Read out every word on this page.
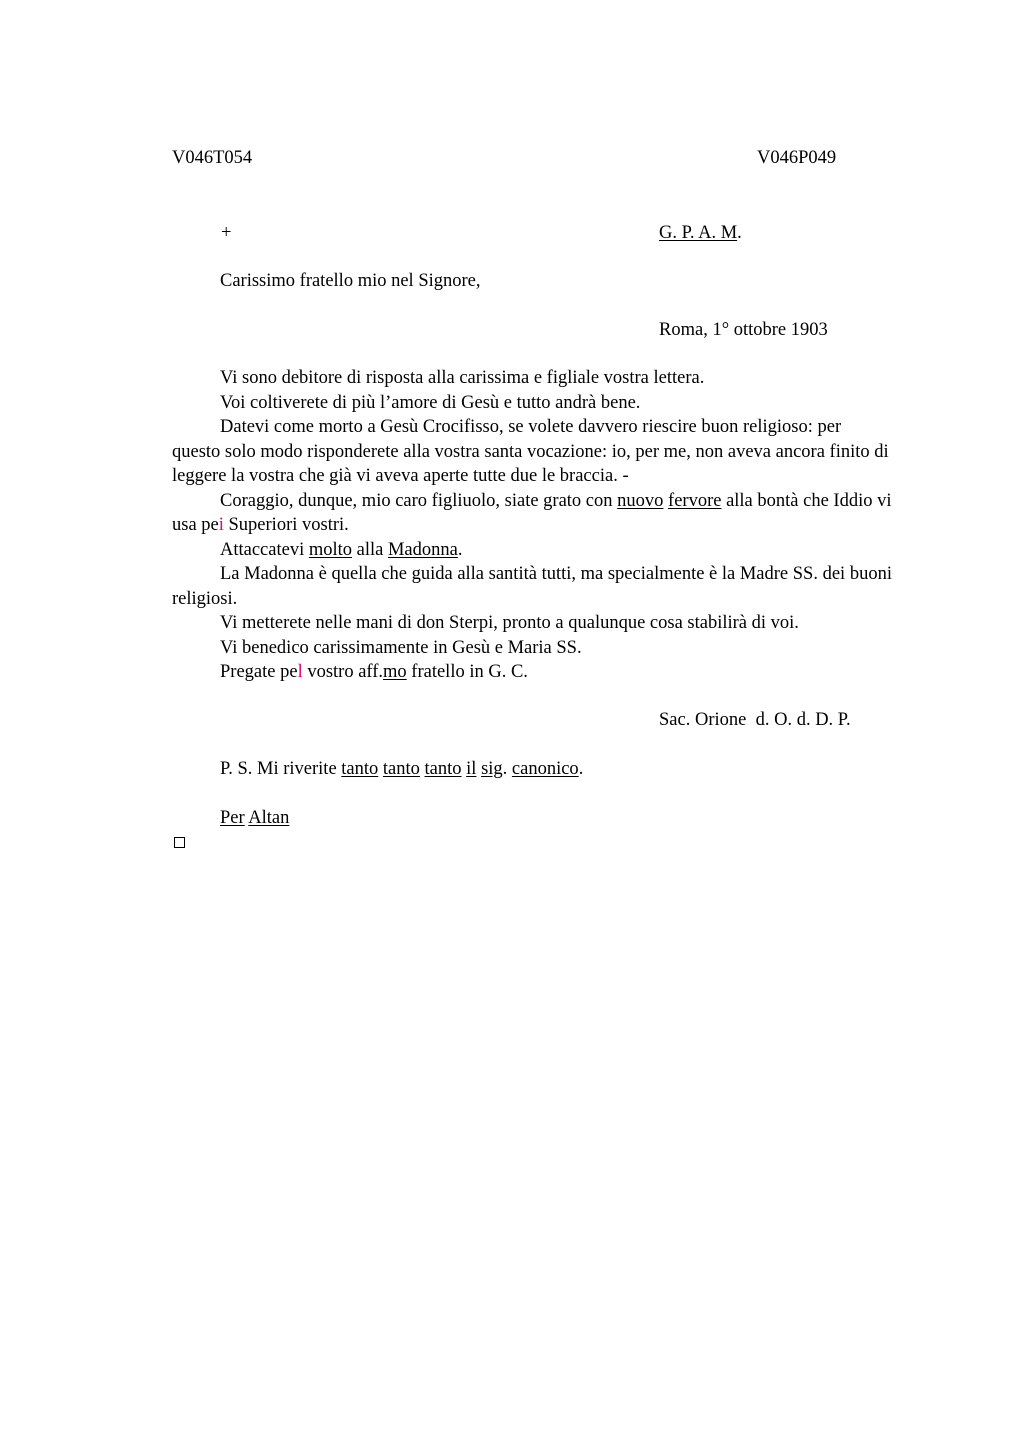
V046T054	V046P049
+	G. P. A. M.
Carissimo fratello mio nel Signore,
Roma, 1° ottobre 1903

Vi sono debitore di risposta alla carissima e figliale vostra lettera.

Voi coltiverete di più l’amore di Gesù e tutto andrà bene.

Datevi come morto a Gesù Crocifisso, se volete davvero riescire buon religioso: per questo solo modo risponderete alla vostra santa vocazione: io, per me, non aveva ancora finito di leggere la vostra che già vi aveva aperte tutte due le braccia. -

Coraggio, dunque, mio caro figliuolo, siate grato con nuovo fervore alla bontà che Iddio vi usa pei Superiori vostri.

Attaccatevi molto alla Madonna.

La Madonna è quella che guida alla santità tutti, ma specialmente è la Madre SS. dei buoni religiosi.

Vi metterete nelle mani di don Sterpi, pronto a qualunque cosa stabilirà di voi.

Vi benedico carissimamente in Gesù e Maria SS.

Pregate pel vostro aff.mo fratello in G. C.

Sac. Orione  d. O. d. D. P.
P. S. Mi riverite tanto tanto tanto il sig. canonico.
Per Altan
